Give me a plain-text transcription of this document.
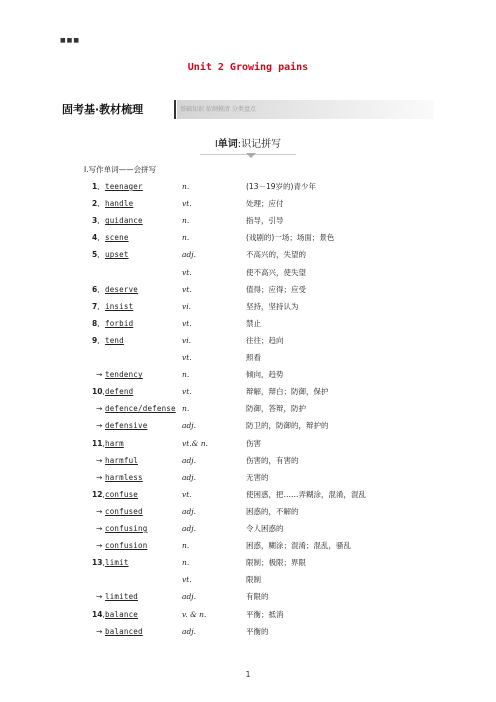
■■■
Unit 2 Growing pains
固考基·教材梳理	基础知识 依纲摸清 分类盘点
Ⅰ单词:识记拼写
Ⅰ.写作单词——会拼写
1． teenager	n.	(13－19岁的)青少年
2． handle	vt.	处理；应付
3． guidance	n.	指导，引导
4． scene	n.	(戏剧的)一场；场面；景色
5． upset	adj.	不高兴的，失望的
vt.	使不高兴，使失望
6． deserve	vt.	值得；应得；应受
7． insist	vi.	坚持，坚持认为
8． forbid	vt.	禁止
9． tend	vi.	往往；趋向
vt.	照看
→ tendency	n.	倾向，趋势
10．
defend	vt.	辩解，辩白；防御，保护
→ defence/defense n.	防御，答辩，防护
→ defensive	adj.	防卫的，防御的，辩护的
11．
harm	vt.& n.	伤害
→ harmful	adj.	伤害的，有害的
→ harmless	adj.	无害的
12．
confuse	vt.	使困惑，把……弄糊涂，混淆，混乱
→ confused	adj.	困惑的，不解的
→ confusing	adj.	令人困惑的
→ confusion	n.	困惑，糊涂；混淆；混乱，骚乱
13．
limit	n.	限制；极限；界限
vt.	限制
→ limited	adj.	有限的
14．
balance	v. & n.	平衡；抵消
→ balanced	adj.	平衡的
1
